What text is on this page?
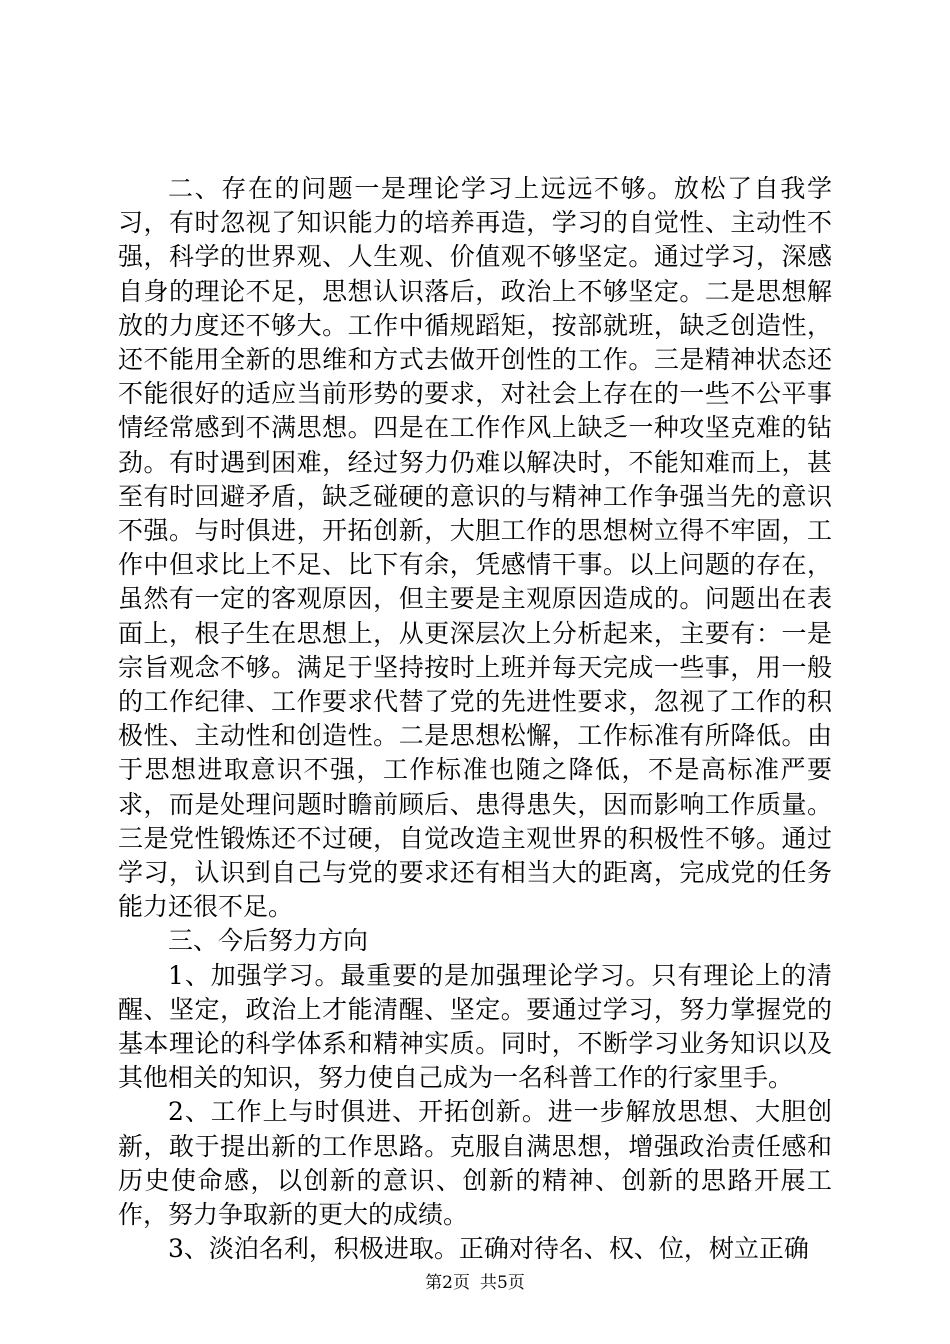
二、存在的问题一是理论学习上远远不够。放松了自我学习，有时忽视了知识能力的培养再造，学习的自觉性、主动性不强，科学的世界观、人生观、价值观不够坚定。通过学习，深感自身的理论不足，思想认识落后，政治上不够坚定。二是思想解放的力度还不够大。工作中循规蹈矩，按部就班，缺乏创造性，还不能用全新的思维和方式去做开创性的工作。三是精神状态还不能很好的适应当前形势的要求，对社会上存在的一些不公平事情经常感到不满思想。四是在工作作风上缺乏一种攻坚克难的钻劲。有时遇到困难，经过努力仍难以解决时，不能知难而上，甚至有时回避矛盾，缺乏碰硬的意识的与精神工作争强当先的意识不强。与时俱进，开拓创新，大胆工作的思想树立得不牢固，工作中但求比上不足、比下有余，凭感情干事。以上问题的存在，虽然有一定的客观原因，但主要是主观原因造成的。问题出在表面上，根子生在思想上，从更深层次上分析起来，主要有：一是宗旨观念不够。满足于坚持按时上班并每天完成一些事，用一般的工作纪律、工作要求代替了党的先进性要求，忽视了工作的积极性、主动性和创造性。二是思想松懈，工作标准有所降低。由于思想进取意识不强，工作标准也随之降低，不是高标准严要求，而是处理问题时瞻前顾后、患得患失，因而影响工作质量。三是党性锻炼还不过硬，自觉改造主观世界的积极性不够。通过学习，认识到自己与党的要求还有相当大的距离，完成党的任务能力还很不足。

三、今后努力方向

1、加强学习。最重要的是加强理论学习。只有理论上的清醒、坚定，政治上才能清醒、坚定。要通过学习，努力掌握党的基本理论的科学体系和精神实质。同时，不断学习业务知识以及其他相关的知识，努力使自己成为一名科普工作的行家里手。

2、工作上与时俱进、开拓创新。进一步解放思想、大胆创新，敢于提出新的工作思路。克服自满思想，增强政治责任感和历史使命感，以创新的意识、创新的精神、创新的思路开展工作，努力争取新的更大的成绩。

3、淡泊名利，积极进取。正确对待名、权、位，树立正确

第2页 共5页
